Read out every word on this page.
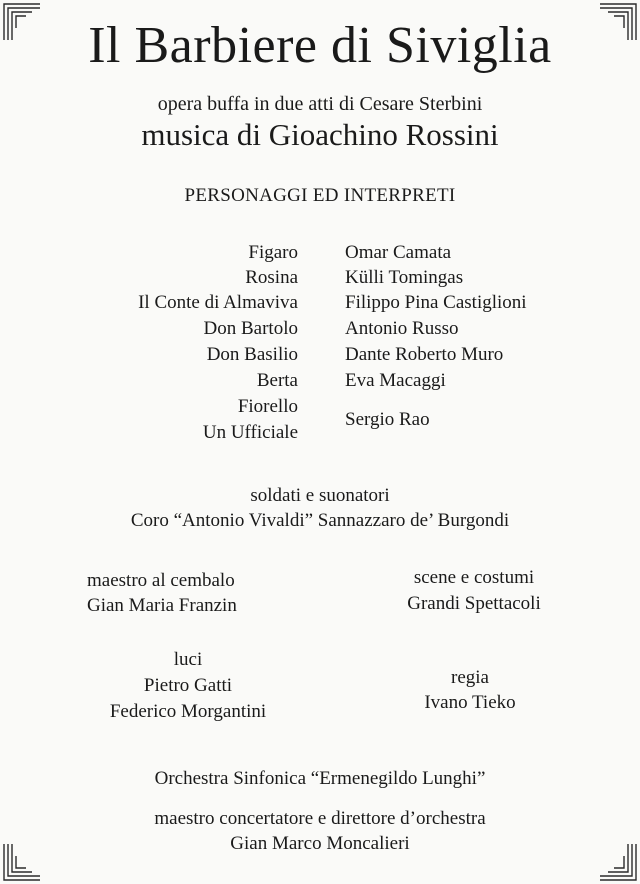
Il Barbiere di Siviglia
opera buffa in due atti di Cesare Sterbini
musica di Gioachino Rossini
PERSONAGGI ED INTERPRETI
Figaro
Rosina
Il Conte di Almaviva
Don Bartolo
Don Basilio
Berta
Fiorello
Un Ufficiale
Omar Camata
Külli Tomingas
Filippo Pina Castiglioni
Antonio Russo
Dante Roberto Muro
Eva Macaggi
Sergio Rao
soldati e suonatori
Coro “Antonio Vivaldi” Sannazzaro de’ Burgondi
maestro al cembalo
Gian Maria Franzin
scene e costumi
Grandi Spettacoli
luci
Pietro Gatti
Federico Morgantini
regia
Ivano Tieko
Orchestra Sinfonica “Ermenegildo Lunghi”
maestro concertatore e direttore d’orchestra
Gian Marco Moncalieri
